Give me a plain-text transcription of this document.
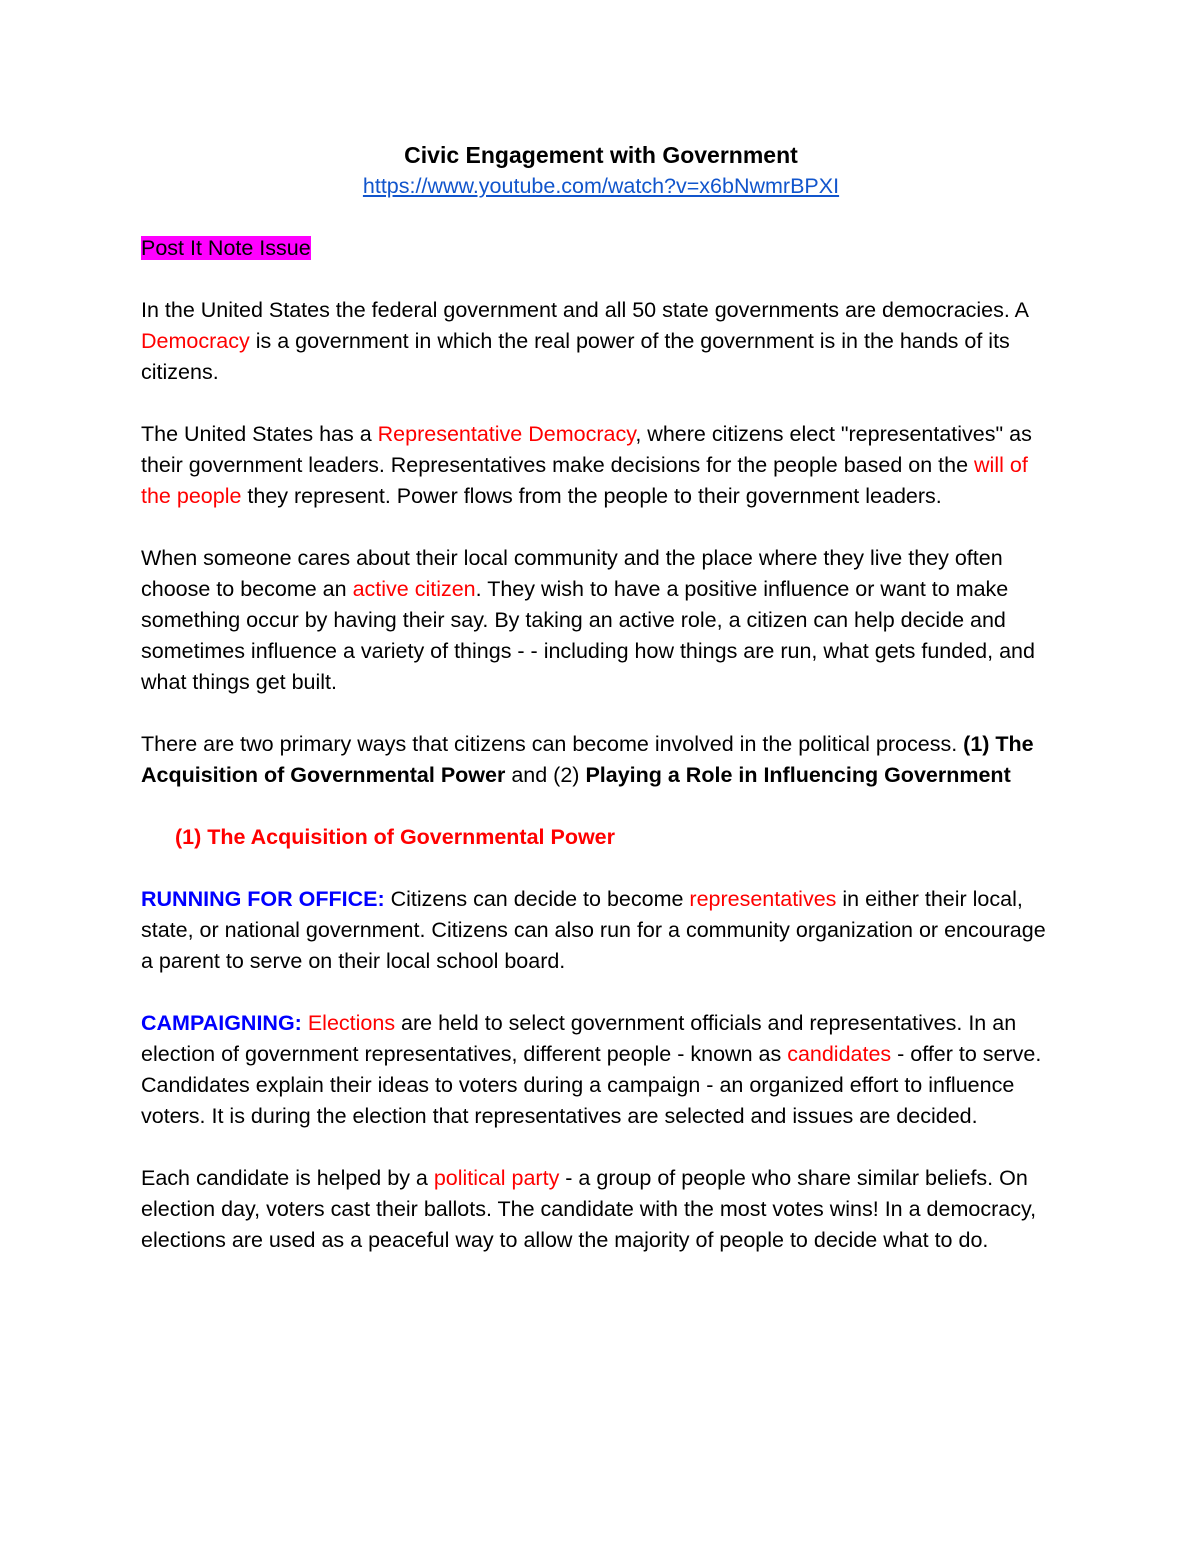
Civic Engagement with Government

https://www.youtube.com/watch?v=x6bNwmrBPXI

Post It Note Issue

In the United States the federal government and all 50 state governments are democracies. A Democracy is a government in which the real power of the government is in the hands of its citizens.

The United States has a Representative Democracy, where citizens elect "representatives" as their government leaders. Representatives make decisions for the people based on the will of the people they represent. Power flows from the people to their government leaders.

When someone cares about their local community and the place where they live they often choose to become an active citizen. They wish to have a positive influence or want to make something occur by having their say. By taking an active role, a citizen can help decide and sometimes influence a variety of things - - including how things are run, what gets funded, and what things get built.

There are two primary ways that citizens can become involved in the political process. (1) The Acquisition of Governmental Power and (2) Playing a Role in Influencing Government

(1) The Acquisition of Governmental Power

RUNNING FOR OFFICE: Citizens can decide to become representatives in either their local, state, or national government. Citizens can also run for a community organization or encourage a parent to serve on their local school board.

CAMPAIGNING: Elections are held to select government officials and representatives. In an election of government representatives, different people - known as candidates - offer to serve. Candidates explain their ideas to voters during a campaign - an organized effort to influence voters. It is during the election that representatives are selected and issues are decided.

Each candidate is helped by a political party - a group of people who share similar beliefs. On election day, voters cast their ballots. The candidate with the most votes wins! In a democracy, elections are used as a peaceful way to allow the majority of people to decide what to do.
